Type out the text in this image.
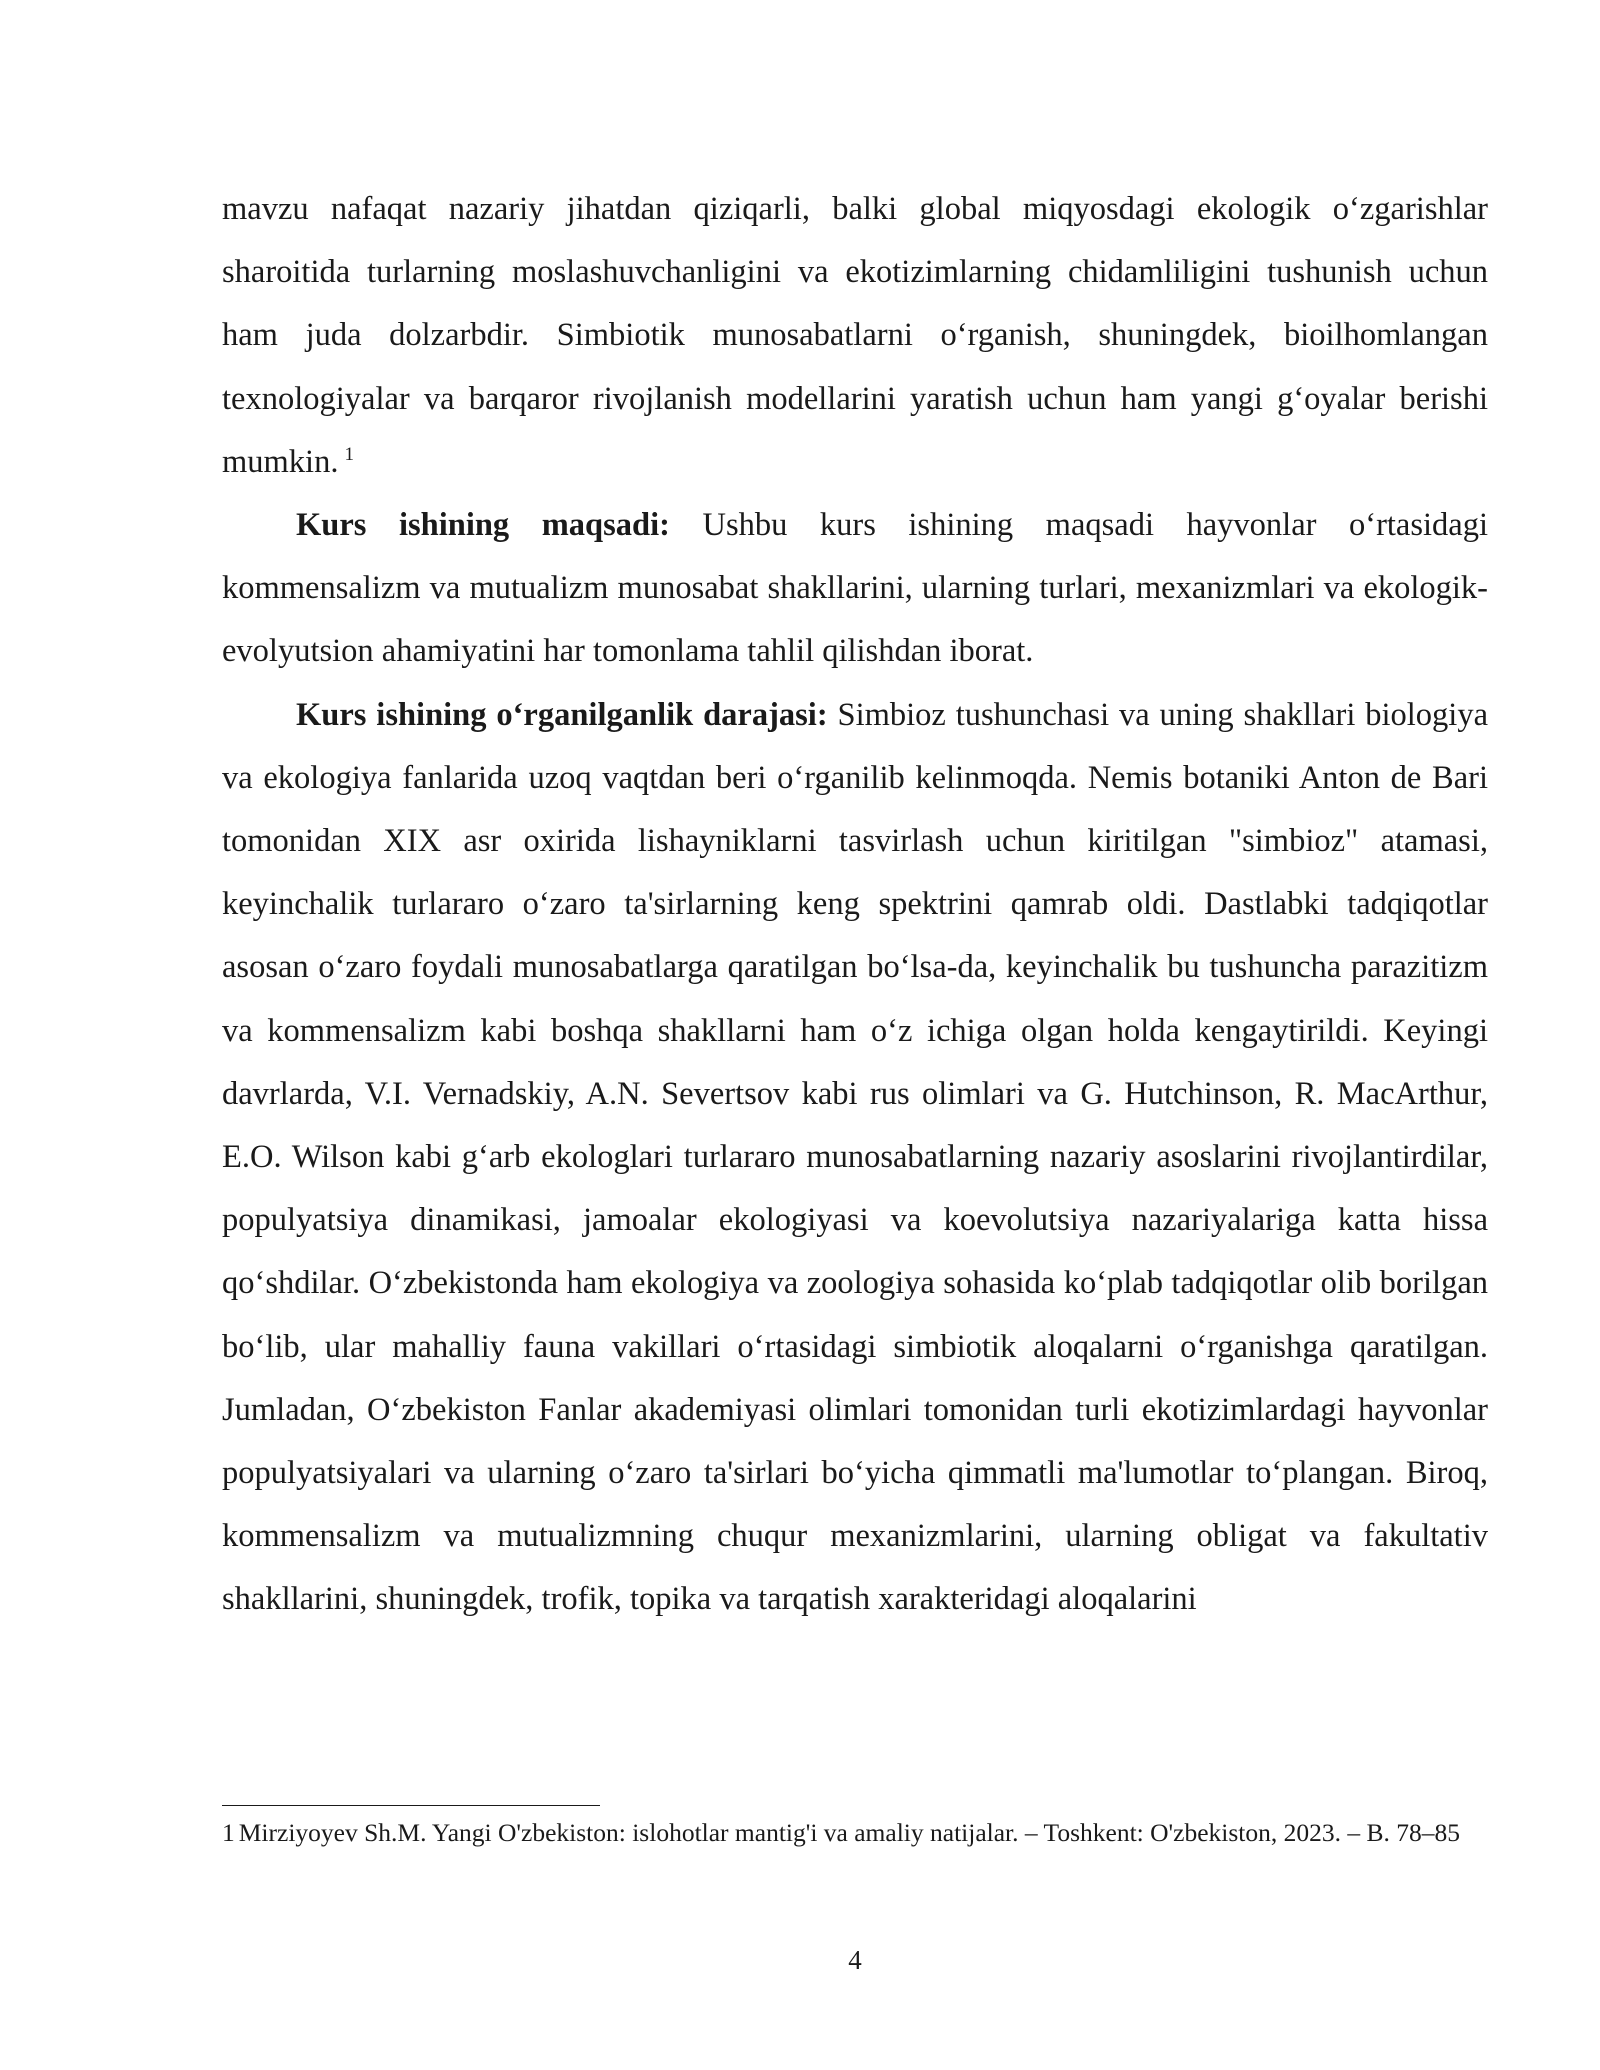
mavzu nafaqat nazariy jihatdan qiziqarli, balki global miqyosdagi ekologik o‘zgarishlar sharoitida turlarning moslashuvchanligini va ekotizimlarning chidamliligini tushunish uchun ham juda dolzarbdir. Simbiotik munosabatlarni o‘rganish, shuningdek, bioilhomlangan texnologiyalar va barqaror rivojlanish modellarini yaratish uchun ham yangi g‘oyalar berishi mumkin. $^1$

Kurs ishining maqsadi: Ushbu kurs ishining maqsadi hayvonlar o‘rtasidagi kommensalizm va mutualizm munosabat shakllarini, ularning turlari, mexanizmlari va ekologik-evolyutsion ahamiyatini har tomonlama tahlil qilishdan iborat.

Kurs ishining o‘rganilganlik darajasi: Simbioz tushunchasi va uning shakllari biologiya va ekologiya fanlarida uzoq vaqtdan beri o‘rganilib kelinmoqda. Nemis botaniki Anton de Bari tomonidan XIX asr oxirida lishayniklarni tasvirlash uchun kiritilgan "simbioz" atamasi, keyinchalik turlararo o‘zaro ta'sirlarning keng spektrini qamrab oldi. Dastlabki tadqiqotlar asosan o‘zaro foydali munosabatlarga qaratilgan bo‘lsa-da, keyinchalik bu tushuncha parazitizm va kommensalizm kabi boshqa shakllarni ham o‘z ichiga olgan holda kengaytirildi. Keyingi davrlarda, V.I. Vernadskiy, A.N. Severtsov kabi rus olimlari va G. Hutchinson, R. MacArthur, E.O. Wilson kabi g‘arb ekologlari turlararo munosabatlarning nazariy asoslarini rivojlantirdilar, populyatsiya dinamikasi, jamoalar ekologiyasi va koevolutsiya nazariyalariga katta hissa qo‘shdilar. O‘zbekistonda ham ekologiya va zoologiya sohasida ko‘plab tadqiqotlar olib borilgan bo‘lib, ular mahalliy fauna vakillari o‘rtasidagi simbiotik aloqalarni o‘rganishga qaratilgan. Jumladan, O‘zbekiston Fanlar akademiyasi olimlari tomonidan turli ekotizimlardagi hayvonlar populyatsiyalari va ularning o‘zaro ta'sirlari bo‘yicha qimmatli ma'lumotlar to‘plangan. Biroq, kommensalizm va mutualizmning chuqur mexanizmlarini, ularning obligat va fakultativ shakllarini, shuningdek, trofik, topika va tarqatish xarakteridagi aloqalarini

1 Mirziyoyev Sh.M. Yangi O'zbekiston: islohotlar mantig'i va amaliy natijalar. – Toshkent: O'zbekiston, 2023. – B. 78–85
4
